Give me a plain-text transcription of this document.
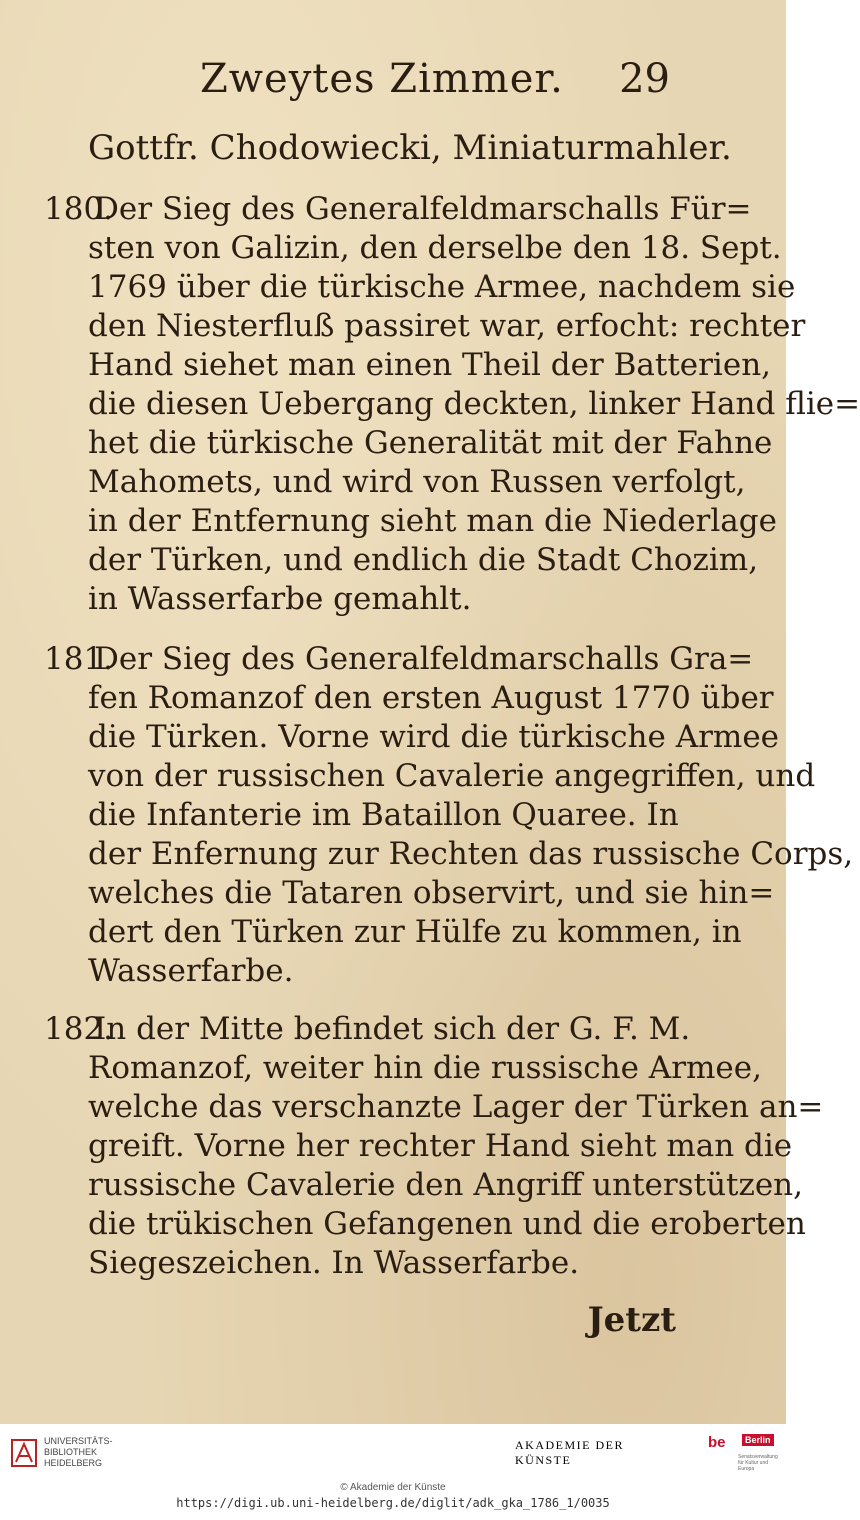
Zweytes Zimmer. 29
Gottfr. Chodowiecki, Miniaturmahler.
180.Der Sieg des Generalfeldmarschalls Für=
sten von Galizin, den derselbe den 18. Sept.
1769 über die türkische Armee, nachdem sie
den Niesterfluß passiret war, erfocht: rechter
Hand siehet man einen Theil der Batterien,
die diesen Uebergang deckten, linker Hand flie=
het die türkische Generalität mit der Fahne
Mahomets, und wird von Russen verfolgt,
in der Entfernung sieht man die Niederlage
der Türken, und endlich die Stadt Chozim,
in Wasserfarbe gemahlt.
181.Der Sieg des Generalfeldmarschalls Gra=
fen Romanzof den ersten August 1770 über
die Türken. Vorne wird die türkische Armee
von der russischen Cavalerie angegriffen, und
die Infanterie im Bataillon Quaree. In
der Enfernung zur Rechten das russische Corps,
welches die Tataren observirt, und sie hin=
dert den Türken zur Hülfe zu kommen, in
Wasserfarbe.
182.In der Mitte befindet sich der G. F. M.
Romanzof, weiter hin die russische Armee,
welche das verschanzte Lager der Türken an=
greift. Vorne her rechter Hand sieht man die
russische Cavalerie den Angriff unterstützen,
die trükischen Gefangenen und die eroberten
Siegeszeichen. In Wasserfarbe.
Jetzt
UNIVERSITÄTS-
BIBLIOTHEK
HEIDELBERG
AKADEMIE DER KÜNSTE
be	Berlin
Senatsverwaltung für Kultur und Europa
© Akademie der Künste
https://digi.ub.uni-heidelberg.de/diglit/adk_gka_1786_1/0035
